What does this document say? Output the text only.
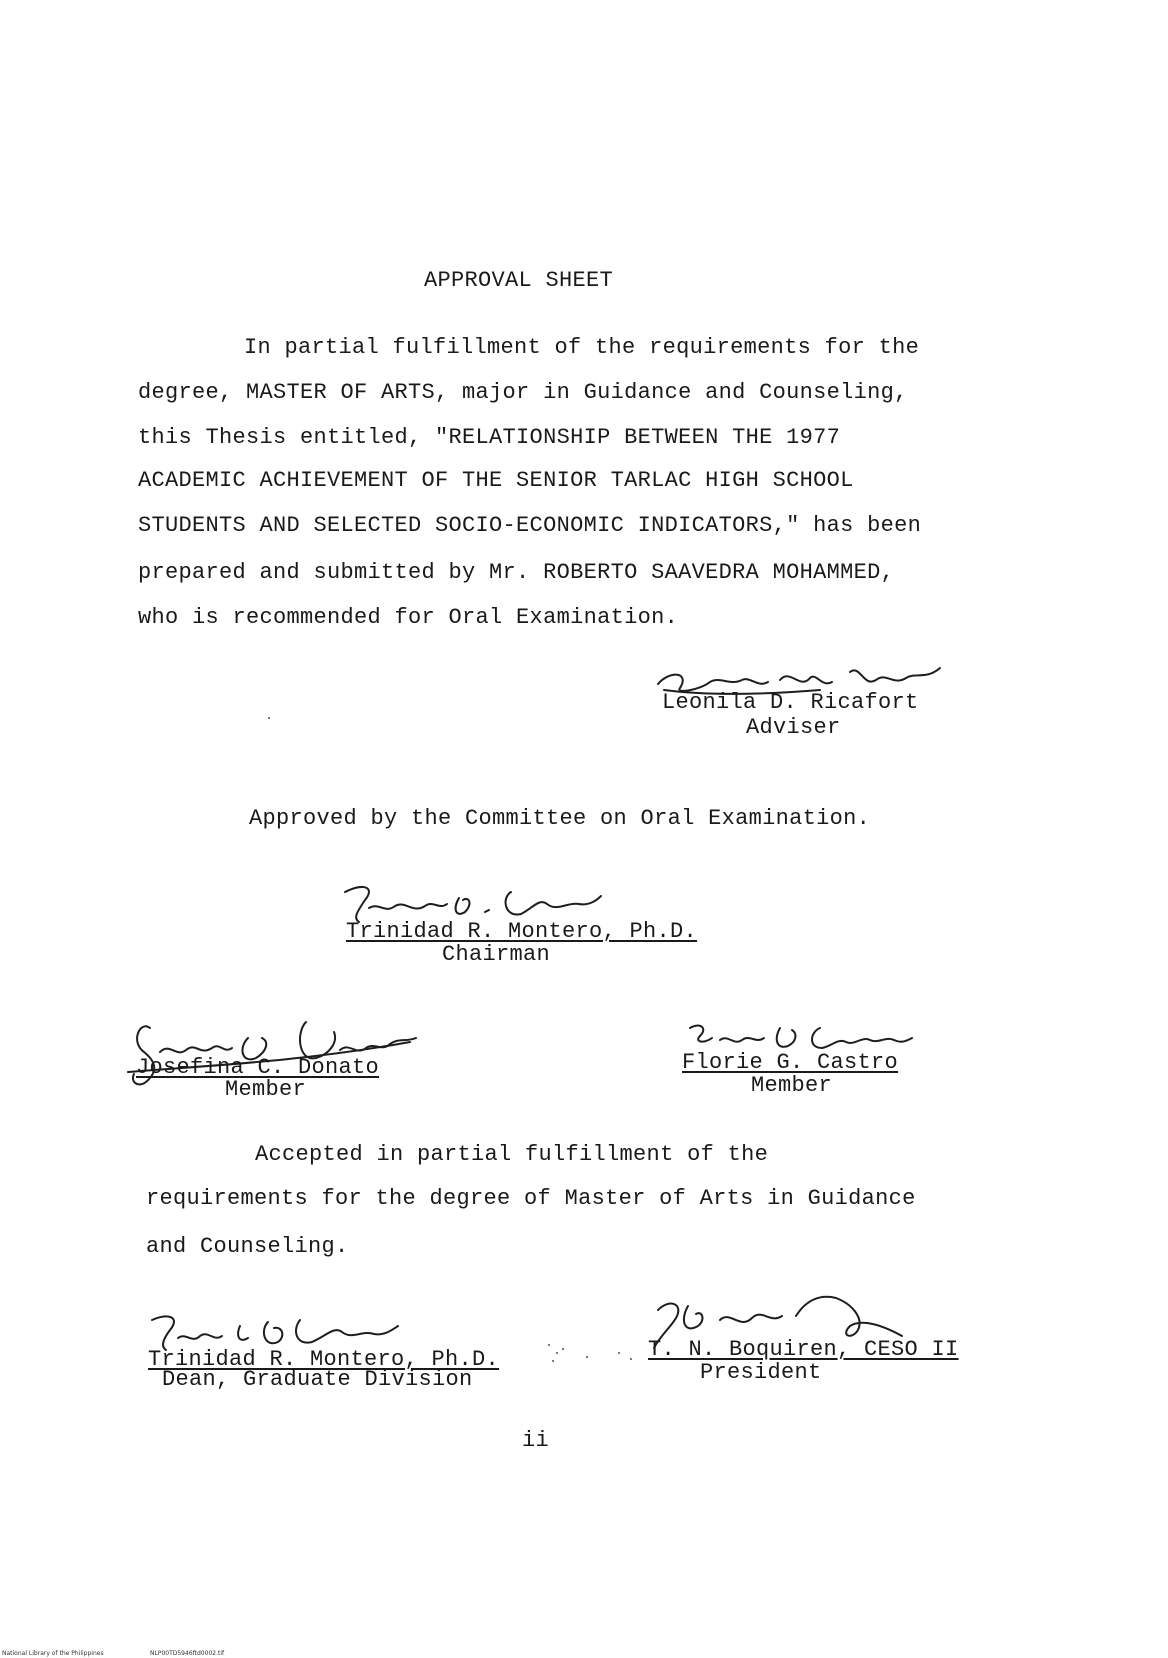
APPROVAL SHEET
In partial fulfillment of the requirements for the
degree, MASTER OF ARTS, major in Guidance and Counseling,
this Thesis entitled, "RELATIONSHIP BETWEEN THE 1977
ACADEMIC ACHIEVEMENT OF THE SENIOR TARLAC HIGH SCHOOL
STUDENTS AND SELECTED SOCIO-ECONOMIC INDICATORS," has been
prepared and submitted by Mr. ROBERTO SAAVEDRA MOHAMMED,
who is recommended for Oral Examination.
Leonila D. Ricafort
Adviser
Approved by the Committee on Oral Examination.
Trinidad R. Montero, Ph.D.
Chairman
Josefina C. Donato
Member
Florie G. Castro
Member
Accepted in partial fulfillment of the
requirements for the degree of Master of Arts in Guidance
and Counseling.
Trinidad R. Montero, Ph.D.
Dean, Graduate Division
T. N. Boquiren, CESO II
President
ii
National Library of the Philippines	NLP00TD5946ftd0002.tif
